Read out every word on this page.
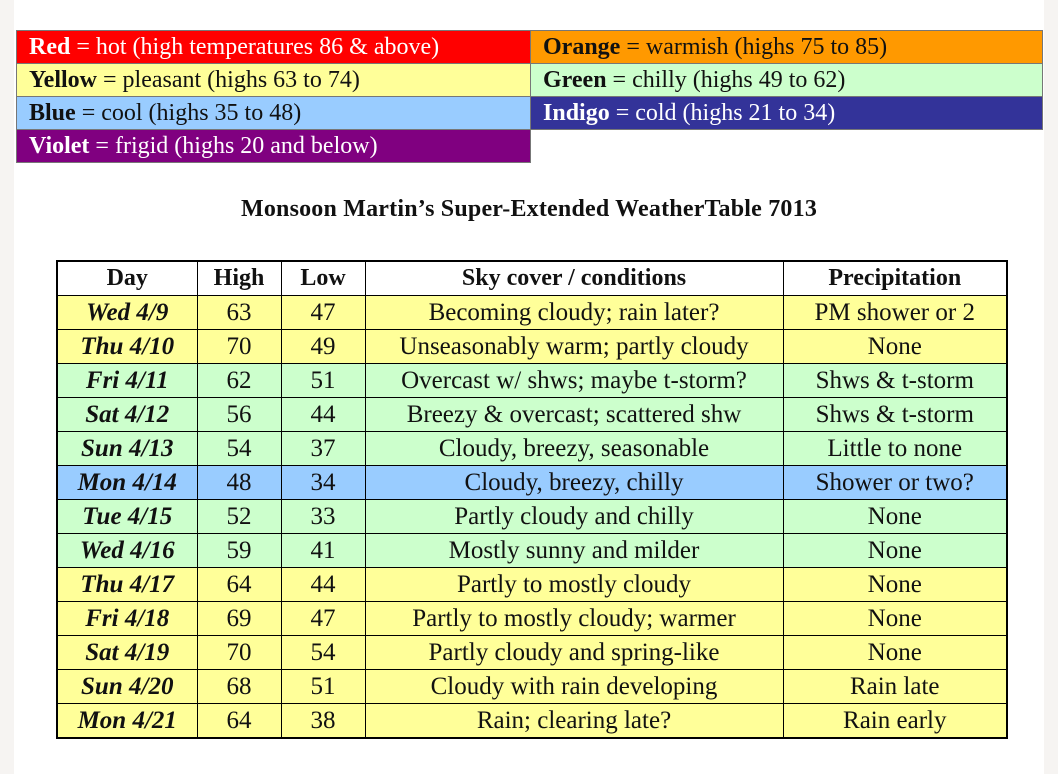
Red = hot (high temperatures 86 & above)	Orange = warmish (highs 75 to 85)
Yellow = pleasant (highs 63 to 74)	Green = chilly (highs 49 to 62)
Blue = cool (highs 35 to 48)	Indigo = cold (highs 21 to 34)
Violet = frigid (highs 20 and below)	
Monsoon Martin’s Super-Extended WeatherTable 7013
Day	High	Low	Sky cover / conditions	Precipitation
Wed 4/9	63	47	Becoming cloudy; rain later?	PM shower or 2
Thu 4/10	70	49	Unseasonably warm; partly cloudy	None
Fri 4/11	62	51	Overcast w/ shws; maybe t-storm?	Shws & t-storm
Sat 4/12	56	44	Breezy & overcast; scattered shw	Shws & t-storm
Sun 4/13	54	37	Cloudy, breezy, seasonable	Little to none
Mon 4/14	48	34	Cloudy, breezy, chilly	Shower or two?
Tue 4/15	52	33	Partly cloudy and chilly	None
Wed 4/16	59	41	Mostly sunny and milder	None
Thu 4/17	64	44	Partly to mostly cloudy	None
Fri 4/18	69	47	Partly to mostly cloudy; warmer	None
Sat 4/19	70	54	Partly cloudy and spring-like	None
Sun 4/20	68	51	Cloudy with rain developing	Rain late
Mon 4/21	64	38	Rain; clearing late?	Rain early
